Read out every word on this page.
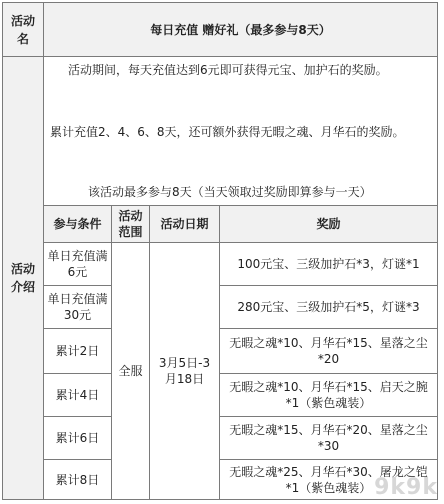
活动名
每日充值 赠好礼（最多参与8天）
活动介绍

活动期间，每天充值达到6元即可获得元宝、加护石的奖励。

累计充值2、4、6、8天，还可额外获得无暇之魂、月华石的奖励。

该活动最多参与8天（当天领取过奖励即算参与一天）

参与条件
活动范围
活动日期	奖励
单日充值满6元
单日充值满30元
累计2日
累计4日
累计6日
累计8日
全服
3月5日-3月18日
100元宝、三级加护石*3，灯谜*1
280元宝、三级加护石*5，灯谜*3
无暇之魂*10、月华石*15、星落之尘*20
无暇之魂*10、月华石*15、启天之腕*1（紫色魂装）
无暇之魂*15、月华石*20、星落之尘*30
无暇之魂*25、月华石*30、屠龙之铠*1（紫色魂装） 9k9k
